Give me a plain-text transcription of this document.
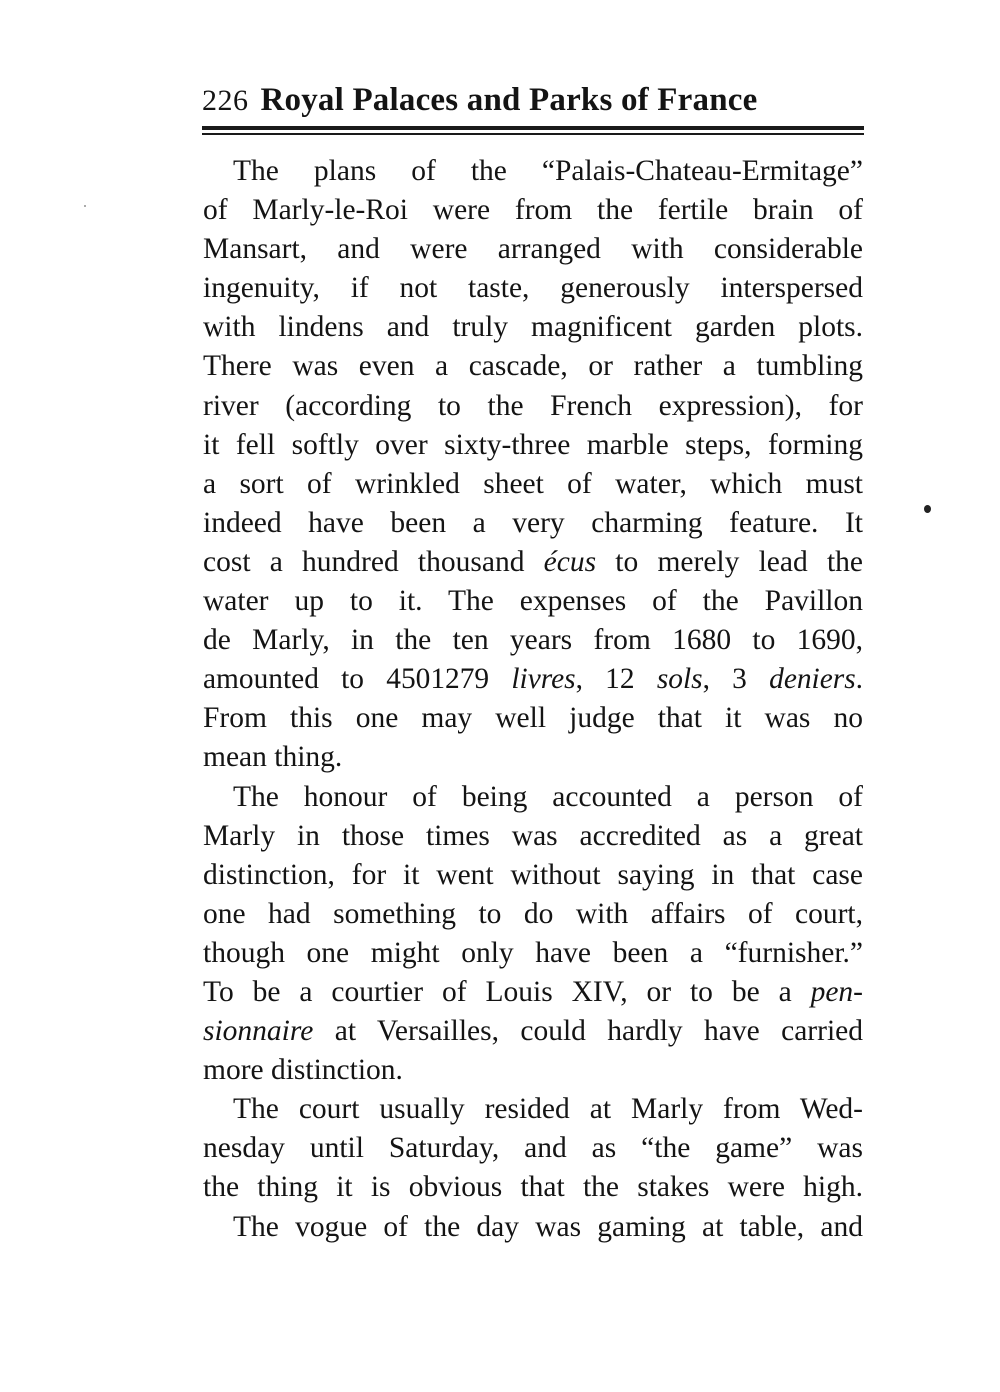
226 Royal Palaces and Parks of France
The plans of the “Palais-Chateau-Ermitage”
of Marly-le-Roi were from the fertile brain of
Mansart, and were arranged with considerable
ingenuity, if not taste, generously interspersed
with lindens and truly magnificent garden plots.
There was even a cascade, or rather a tumbling
river (according to the French expression), for
it fell softly over sixty-three marble steps, forming
a sort of wrinkled sheet of water, which must
indeed have been a very charming feature. It
cost a hundred thousand écus to merely lead the
water up to it. The expenses of the Pavillon
de Marly, in the ten years from 1680 to 1690,
amounted to 4501279 livres, 12 sols, 3 deniers.
From this one may well judge that it was no
mean thing.
The honour of being accounted a person of
Marly in those times was accredited as a great
distinction, for it went without saying in that case
one had something to do with affairs of court,
though one might only have been a “furnisher.”
To be a courtier of Louis XIV, or to be a pen-
sionnaire at Versailles, could hardly have carried
more distinction.
The court usually resided at Marly from Wed-
nesday until Saturday, and as “the game” was
the thing it is obvious that the stakes were high.
The vogue of the day was gaming at table, and
